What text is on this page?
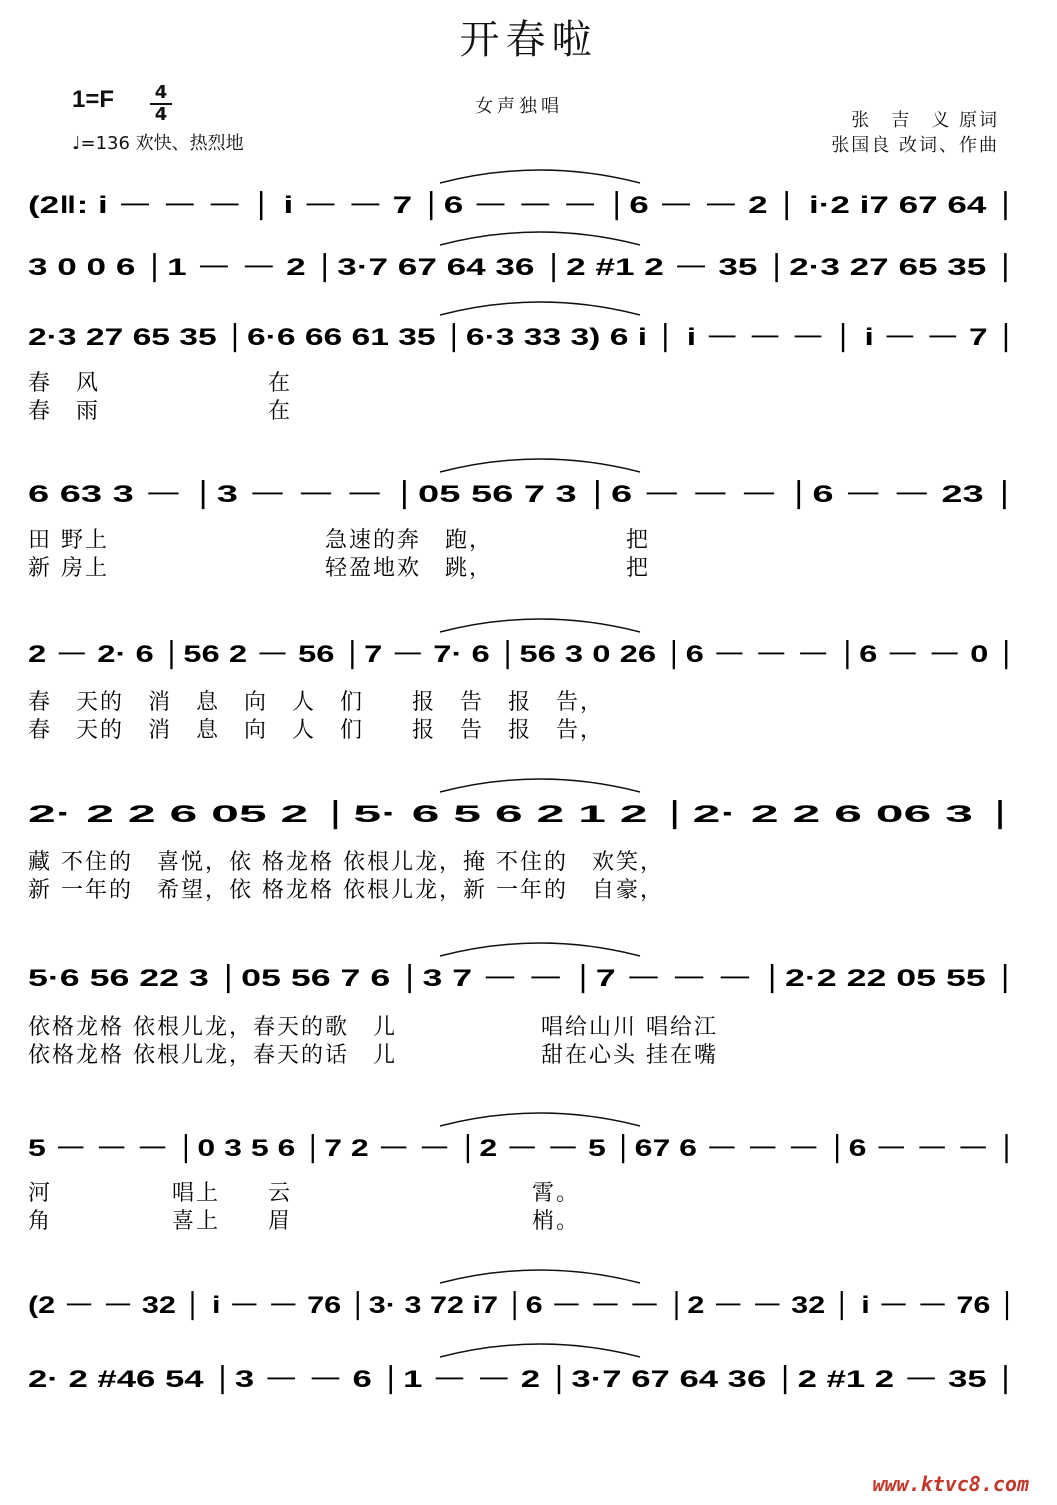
开春啦
1=F 4
4
♩=136 欢快、热烈地
女声独唱
张　吉　义 原词
张国良 改词、作曲
(2‖: i － － － │ i － － 7 │6 － － － │6 － － 2 │ i·2 i7 67 64 │
3 0 0 6 │1 － － 2 │3·7 67 64 36 │2 #1 2 － 35 │2·3 27 65 35 │
2·3 27 65 35 │6·6 66 61 35 │6·3 33 3) 6 i │ i － － － │ i － － 7 │
春　风　　　　　　　在
春　雨　　　　　　　在
6 63 3 － │3 － － － │05 56 7 3 │6 － － － │6 － － 23 │
田 野上　　　　　　　　　急速的奔　跑，　　　　　　把
新 房上　　　　　　　　　轻盈地欢　跳，　　　　　　把
2 － 2· 6 │56 2 － 56 │7 － 7· 6 │56 3 0 26 │6 － － － │6 － － 0 │
春　天的　消　息　向　人　们　　报　告　报　告，
春　天的　消　息　向　人　们　　报　告　报　告，
2· 2 2 6 05 2 │5· 6 5 6 2 1 2 │2· 2 2 6 06 3 │
藏 不住的　喜悦，依 格龙格 依根儿龙，掩 不住的　欢笑，
新 一年的　希望，依 格龙格 依根儿龙，新 一年的　自豪，
5·6 56 22 3 │05 56 7 6 │3 7 － － │7 － － － │2·2 22 05 55 │
依格龙格 依根儿龙，春天的歌　儿　　　　　　唱给山川 唱给江
依格龙格 依根儿龙，春天的话　儿　　　　　　甜在心头 挂在嘴
5 － － － │0 3 5 6 │7 2 － － │2 － － 5 │67 6 － － － │6 － － － │
河　　　　　唱上　　云　　　　　　　　　　霄。
角　　　　　喜上　　眉　　　　　　　　　　梢。
(2 － － 32 │ i － － 76 │3· 3 72 i7 │6 － － － │2 － － 32 │ i － － 76 │
2· 2 #46 54 │3 － － 6 │1 － － 2 │3·7 67 64 36 │2 #1 2 － 35 │
www.ktvc8.com
